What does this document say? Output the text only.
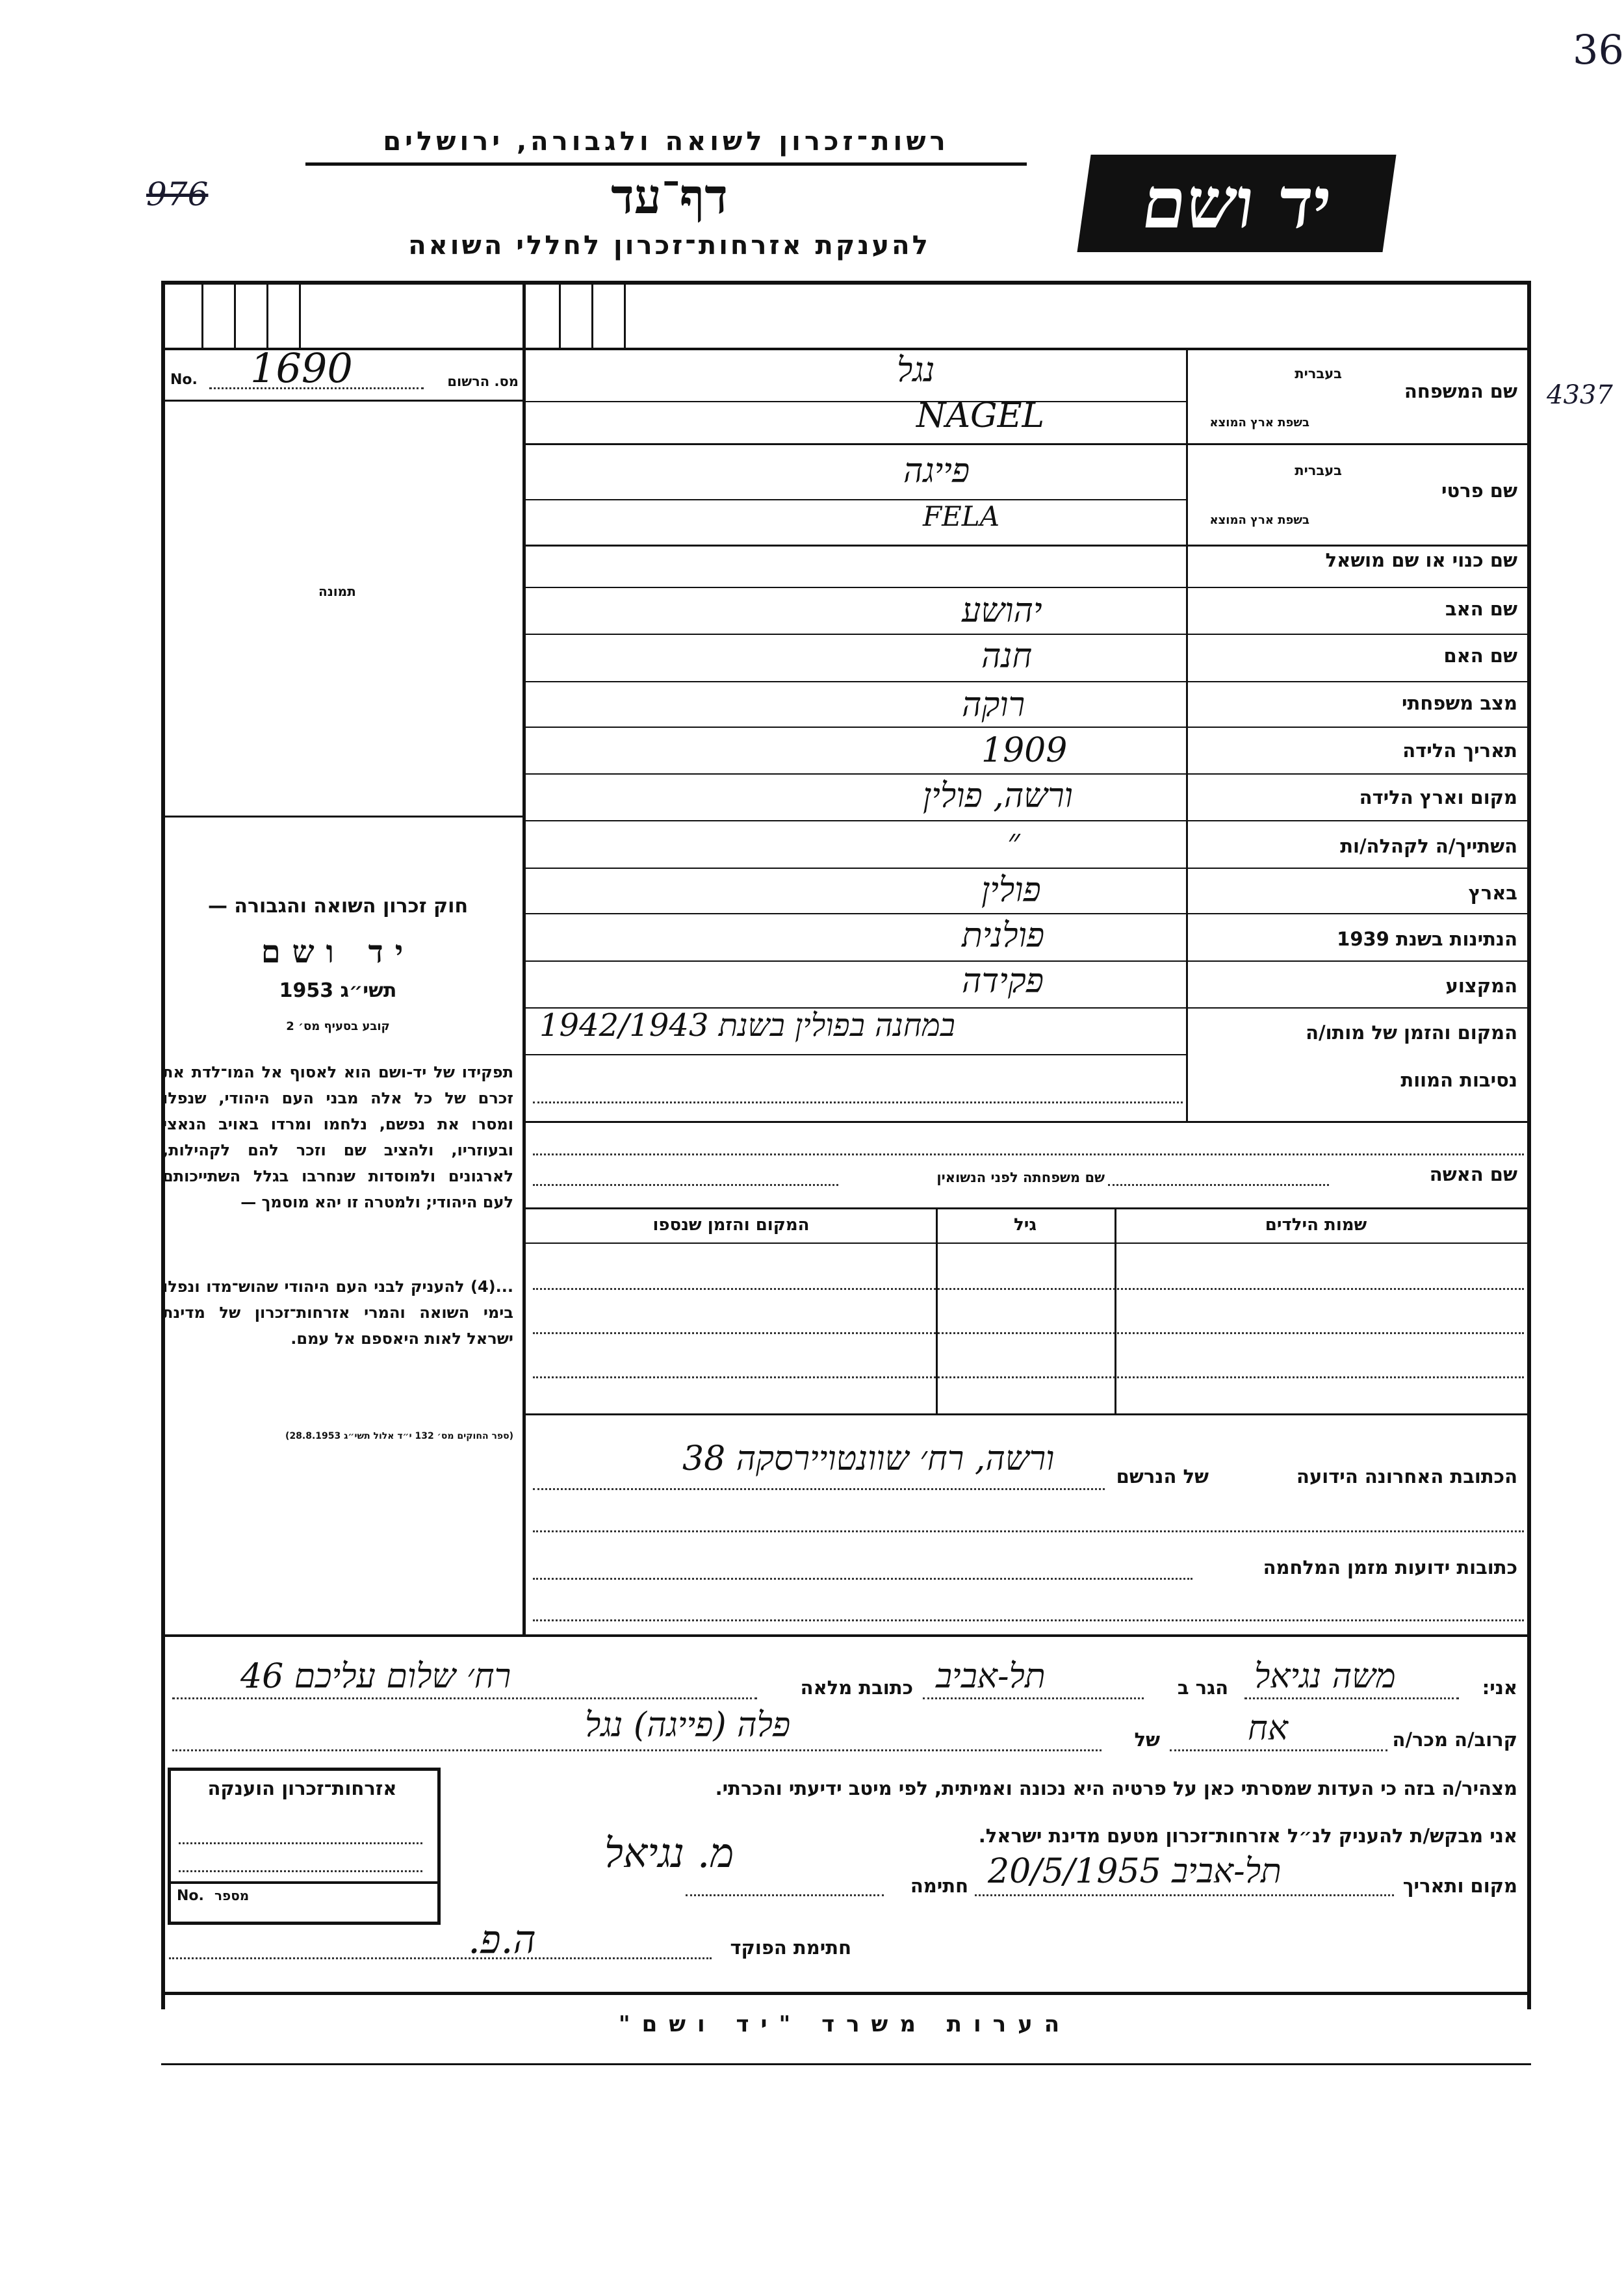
36
רשות־זכרון לשואה ולגבורה, ירושלים
976	דף־עד
להענקת אזרחות־זכרון לחללי השואה
יד ושם
4337
No. 1690	מס. הרשום
תמונה
חוק זכרון השואה והגבורה —
יד ושם
תשי״ג 1953
קובע בסעיף מס׳ 2
תפקידו של יד-ושם הוא לאסוף אל המו־לדת את זכרם של כל אלה מבני העם היהודי, שנפלו ומסרו את נפשם, נלחמו ומרדו באויב הנאצי ובעוזריו, ולהציב שם וזכר להם לקהילות, לארגונים ולמוסדות שנחרבו בגלל השתייכותם לעם היהודי; ולמטרה זו יהא מוסמך —
...(4) להעניק לבני העם היהודי שהוש־מדו ונפלו בימי השואה והמרי אזרחות־זכרון של מדינת ישראל לאות היאספם אל עמם.
(ספר החוקים מס׳ 132 י״ד אלול תשי״ג 28.8.1953)
שם המשפחה
בעברית
בשפת ארץ המוצא
נגל
NAGEL
שם פרטי
בעברית
בשפת ארץ המוצא
פייגה
FELA
שם כנוי או שם מושאל
שם האב
יהושע
שם האם
חנה
מצב משפחתי
רוקה
תאריך הלידה
1909
מקום וארץ הלידה
ורשה, פולין
השתייך/ה לקהלה/ות
״
בארץ
פולין
הנתינות בשנת 1939
פולנית
המקצוע
פקידה
המקום והזמן של מותו/ה
במחנה בפולין בשנת 1942/1943
נסיבות המוות
שם האשה
שם משפחתה לפני הנשואין
שמות הילדים
גיל
המקום והזמן שנספו
הכתובת האחרונה הידועה
של הנרשם
ורשה, רח׳ שוונטויירסקה 38
כתובות ידועות מזמן המלחמה
אני:
משה נגיאל
הגר ב
תל-אביב
כתובת מלאה
רח׳ שלום עליכם 46
קרוב/ה מכר/ה
אח
של
פלה (פייגה) נגל
מצהיר/ה בזה כי העדות שמסרתי כאן על פרטיה היא נכונה ואמיתית, לפי מיטב ידיעתי והכרתי.
אני מבקש/ת להעניק לנ״ל אזרחות־זכרון מטעם מדינת ישראל.
מקום ותאריך
תל-אביב 20/5/1955
חתימה
מ. נגיאל
חתימת הפוקד
ה.פ.
אזרחות־זכרון הוענקה
No. מספר
הערות משרד "יד ושם"
